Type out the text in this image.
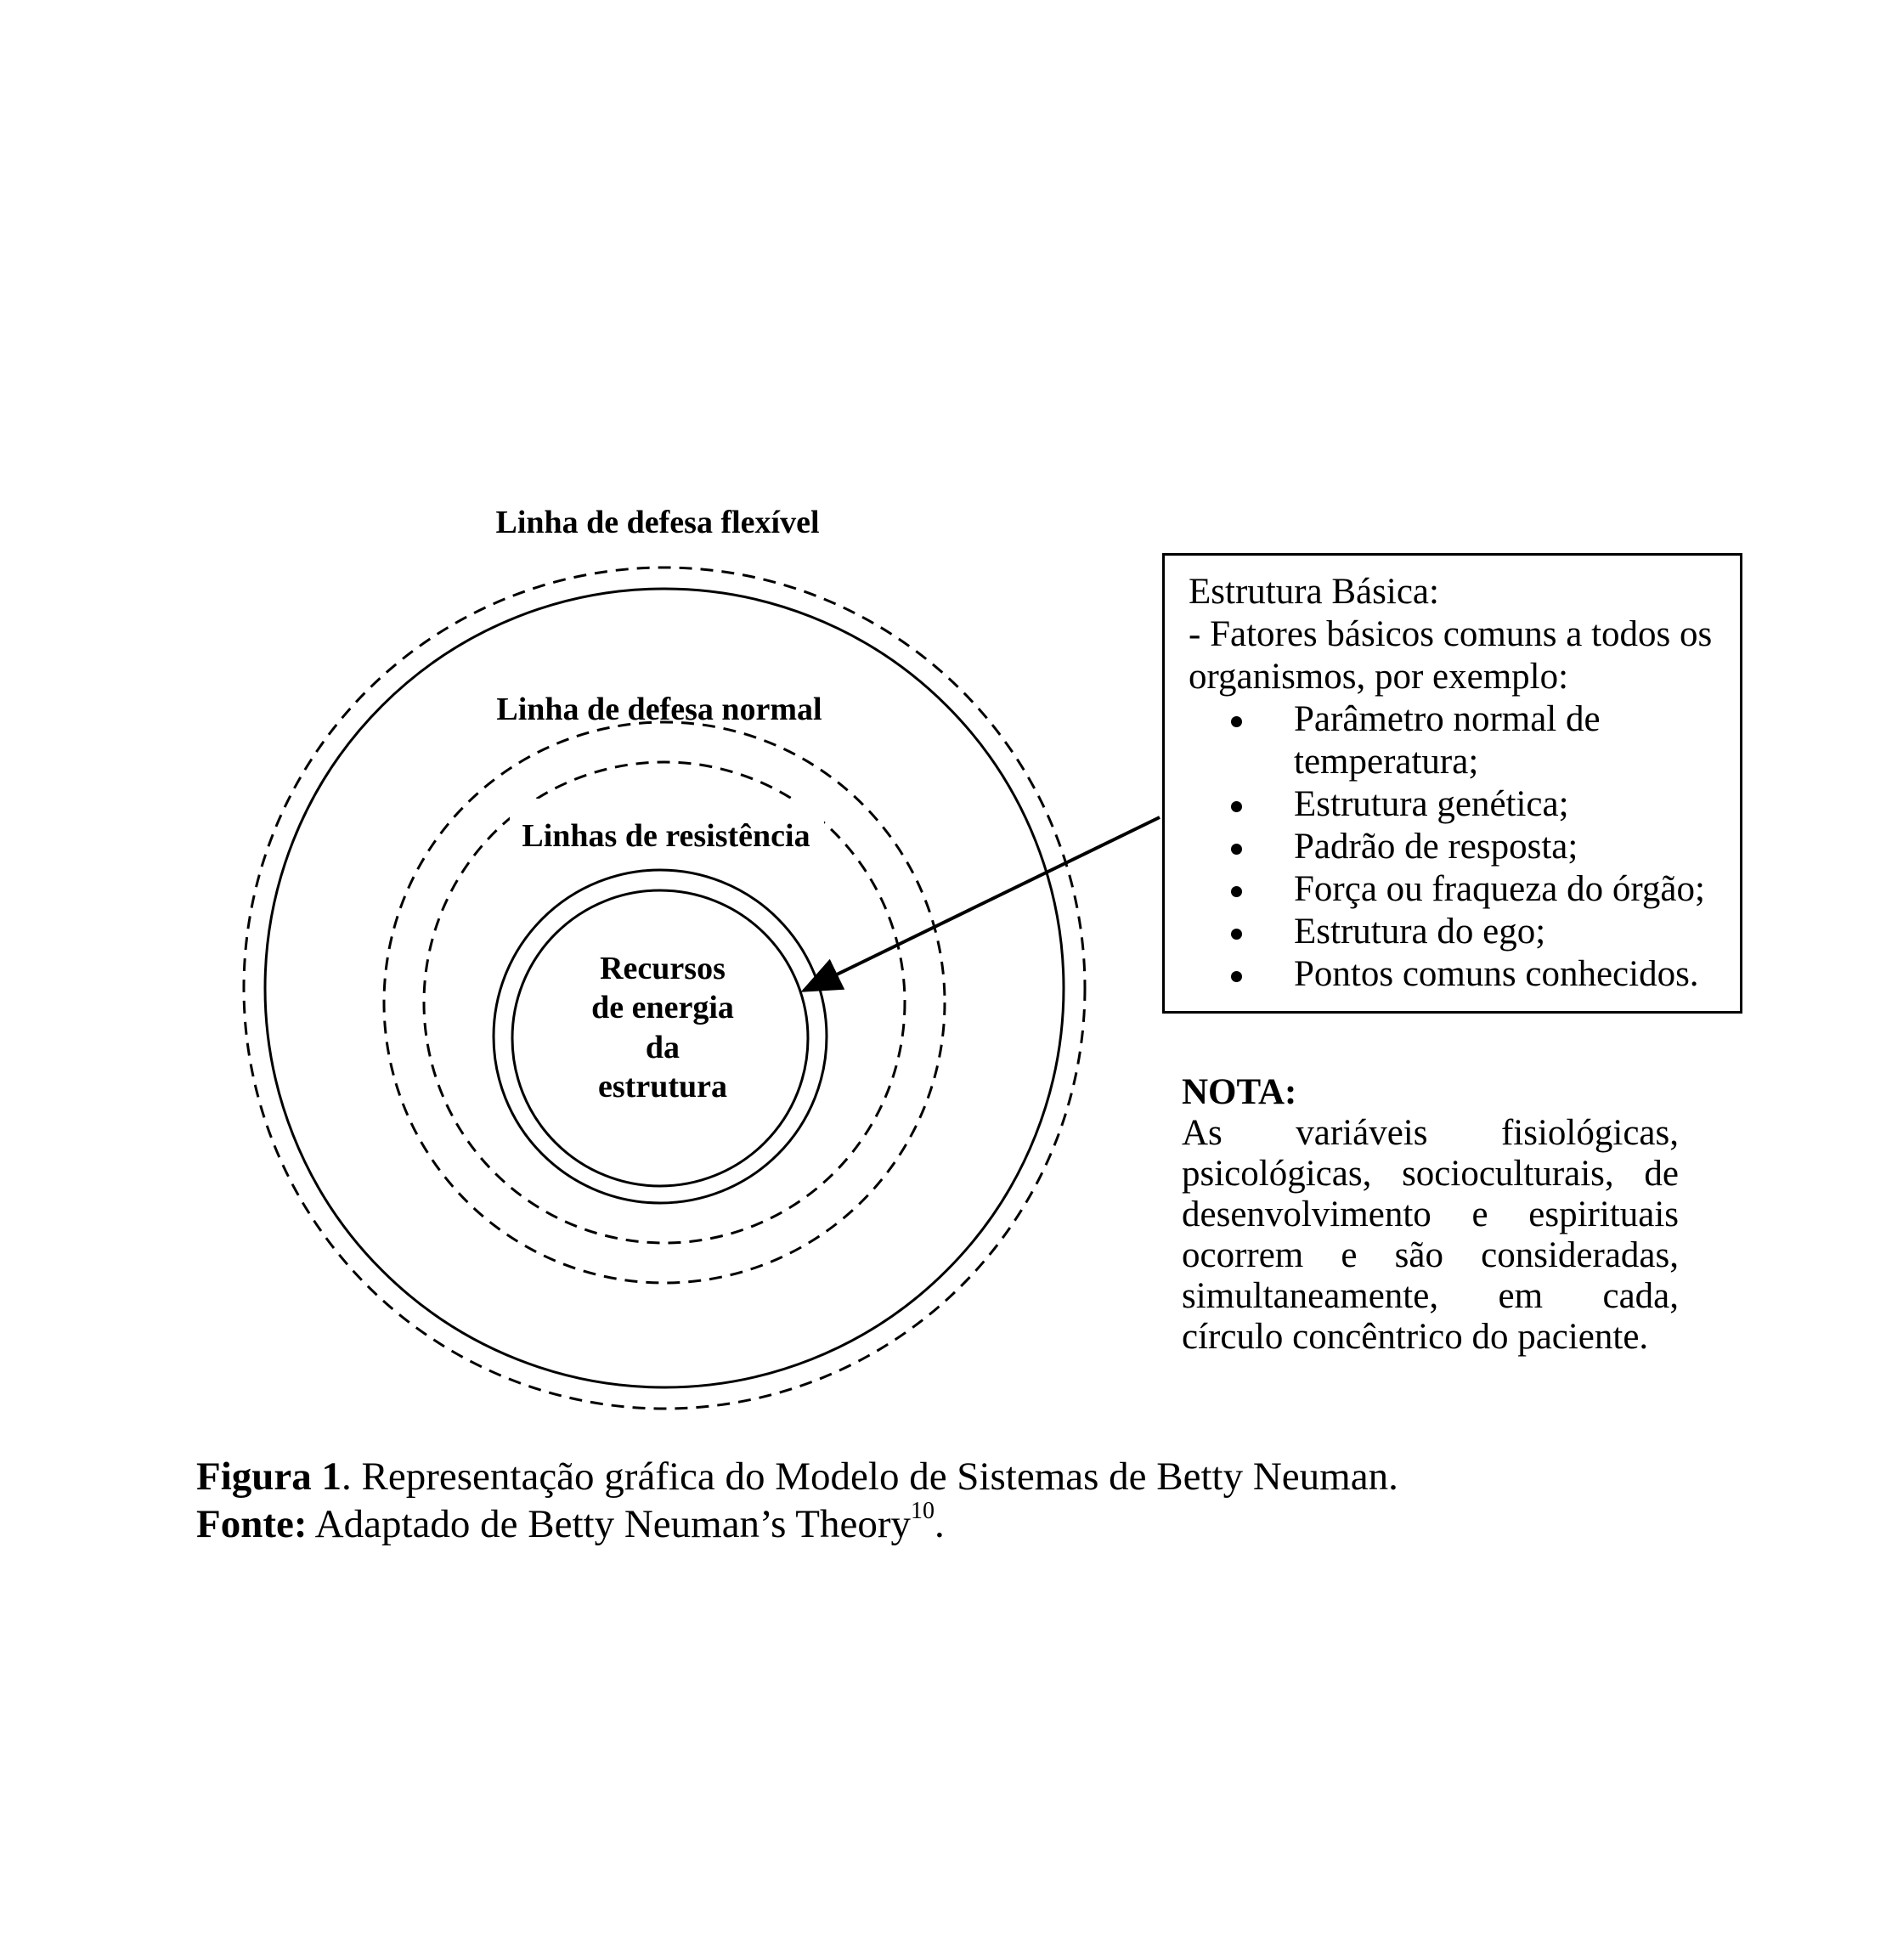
Linha de defesa flexível
Linha de defesa normal
Linhas de resistência
Recursos
de energia
da
estrutura
Estrutura Básica:
- Fatores básicos comuns a todos os organismos, por exemplo:
Parâmetro normal de temperatura;
Estrutura genética;
Padrão de resposta;
Força ou fraqueza do órgão;
Estrutura do ego;
Pontos comuns conhecidos.
NOTA:
As variáveis fisiológicas, psicológicas, socioculturais, de desenvolvimento e espirituais ocorrem e são consideradas, simultaneamente, em cada, círculo concêntrico do paciente.
Figura 1. Representação gráfica do Modelo de Sistemas de Betty Neuman.
Fonte: Adaptado de Betty Neuman’s Theory$^{10}$.
